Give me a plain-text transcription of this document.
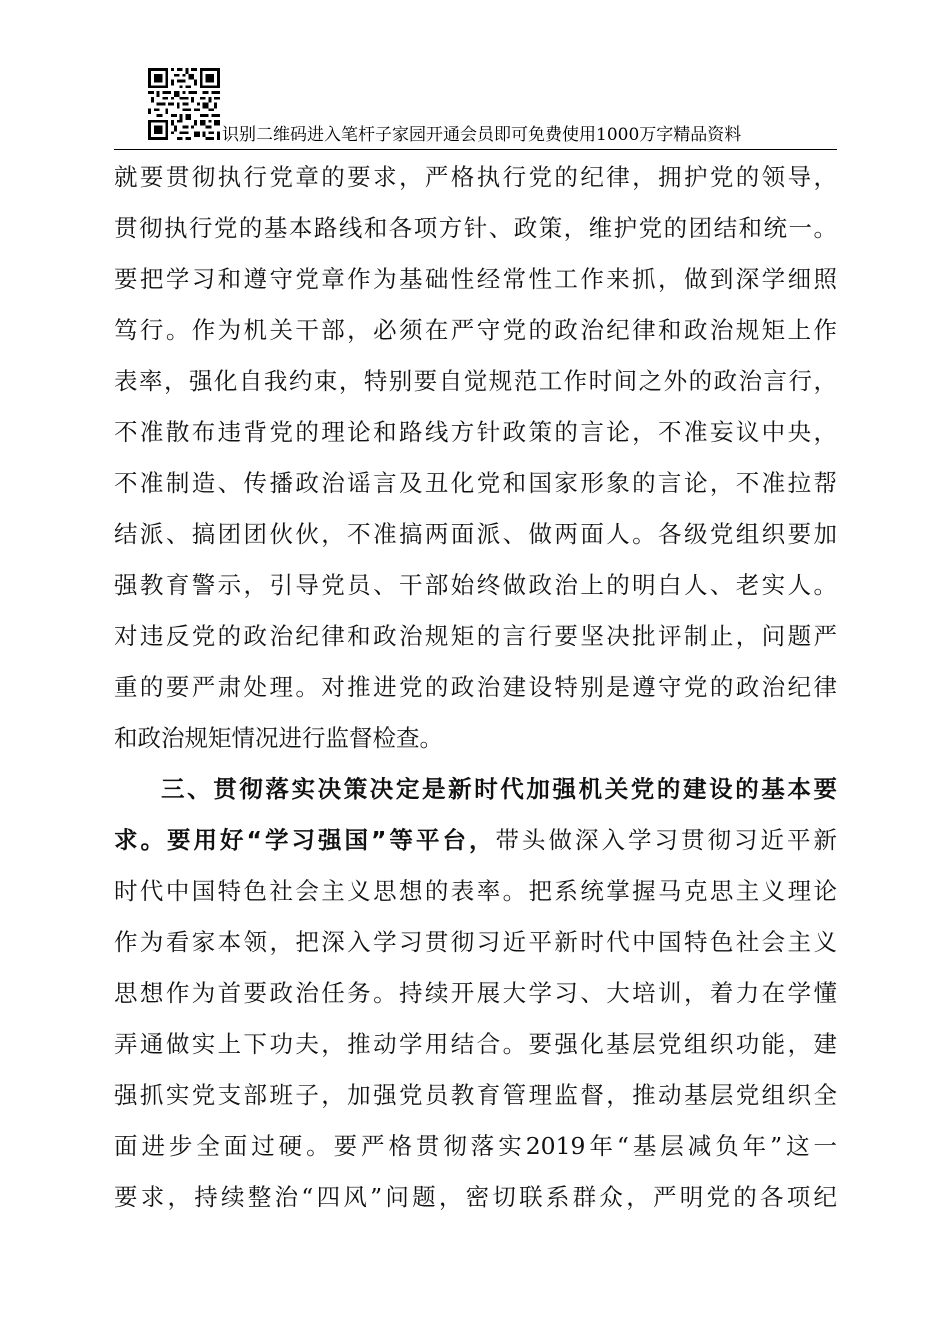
识别二维码进入笔杆子家园开通会员即可免费使用1000万字精品资料
就要贯彻执行党章的要求，严格执行党的纪律，拥护党的领导，
贯彻执行党的基本路线和各项方针、政策，维护党的团结和统一。
要把学习和遵守党章作为基础性经常性工作来抓，做到深学细照
笃行。作为机关干部，必须在严守党的政治纪律和政治规矩上作
表率，强化自我约束，特别要自觉规范工作时间之外的政治言行，
不准散布违背党的理论和路线方针政策的言论，不准妄议中央，
不准制造、传播政治谣言及丑化党和国家形象的言论，不准拉帮
结派、搞团团伙伙，不准搞两面派、做两面人。各级党组织要加
强教育警示，引导党员、干部始终做政治上的明白人、老实人。
对违反党的政治纪律和政治规矩的言行要坚决批评制止，问题严
重的要严肃处理。对推进党的政治建设特别是遵守党的政治纪律
和政治规矩情况进行监督检查。
三、贯彻落实决策决定是新时代加强机关党的建设的基本要
求。要用好“学习强国”等平台，带头做深入学习贯彻习近平新
时代中国特色社会主义思想的表率。把系统掌握马克思主义理论
作为看家本领，把深入学习贯彻习近平新时代中国特色社会主义
思想作为首要政治任务。持续开展大学习、大培训，着力在学懂
弄通做实上下功夫，推动学用结合。要强化基层党组织功能，建
强抓实党支部班子，加强党员教育管理监督，推动基层党组织全
面进步全面过硬。要严格贯彻落实2019年“基层减负年”这一
要求，持续整治“四风”问题，密切联系群众，严明党的各项纪
